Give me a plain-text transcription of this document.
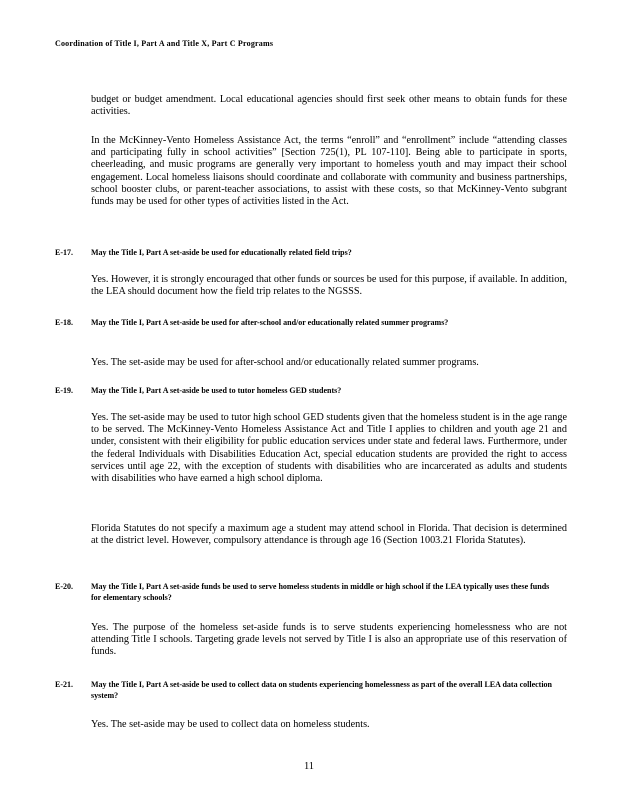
Coordination of Title I, Part A and Title X, Part C Programs

budget or budget amendment. Local educational agencies should first seek other means to obtain funds for these activities.

In the McKinney-Vento Homeless Assistance Act, the terms “enroll” and “enrollment” include “attending classes and participating fully in school activities” [Section 725(1), PL 107-110]. Being able to participate in sports, cheerleading, and music programs are generally very important to homeless youth and may impact their school engagement. Local homeless liaisons should coordinate and collaborate with community and business partnerships, school booster clubs, or parent-teacher associations, to assist with these costs, so that McKinney-Vento subgrant funds may be used for other types of activities listed in the Act.

E-17. May the Title I, Part A set-aside be used for educationally related field trips?

Yes. However, it is strongly encouraged that other funds or sources be used for this purpose, if available. In addition, the LEA should document how the field trip relates to the NGSSS.

E-18. May the Title I, Part A set-aside be used for after-school and/or educationally related summer programs?

Yes. The set-aside may be used for after-school and/or educationally related summer programs.

E-19. May the Title I, Part A set-aside be used to tutor homeless GED students?

Yes. The set-aside may be used to tutor high school GED students given that the homeless student is in the age range to be served. The McKinney-Vento Homeless Assistance Act and Title I applies to children and youth age 21 and under, consistent with their eligibility for public education services under state and federal laws. Furthermore, under the federal Individuals with Disabilities Education Act, special education students are provided the right to access services until age 22, with the exception of students with disabilities who are incarcerated as adults and students with disabilities who have earned a high school diploma.

Florida Statutes do not specify a maximum age a student may attend school in Florida. That decision is determined at the district level. However, compulsory attendance is through age 16 (Section 1003.21 Florida Statutes).

E-20. May the Title I, Part A set-aside funds be used to serve homeless students in middle or high school if the LEA typically uses these funds for elementary schools?

Yes. The purpose of the homeless set-aside funds is to serve students experiencing homelessness who are not attending Title I schools. Targeting grade levels not served by Title I is also an appropriate use of this reservation of funds.

E-21. May the Title I, Part A set-aside be used to collect data on students experiencing homelessness as part of the overall LEA data collection system?

Yes. The set-aside may be used to collect data on homeless students.

11
